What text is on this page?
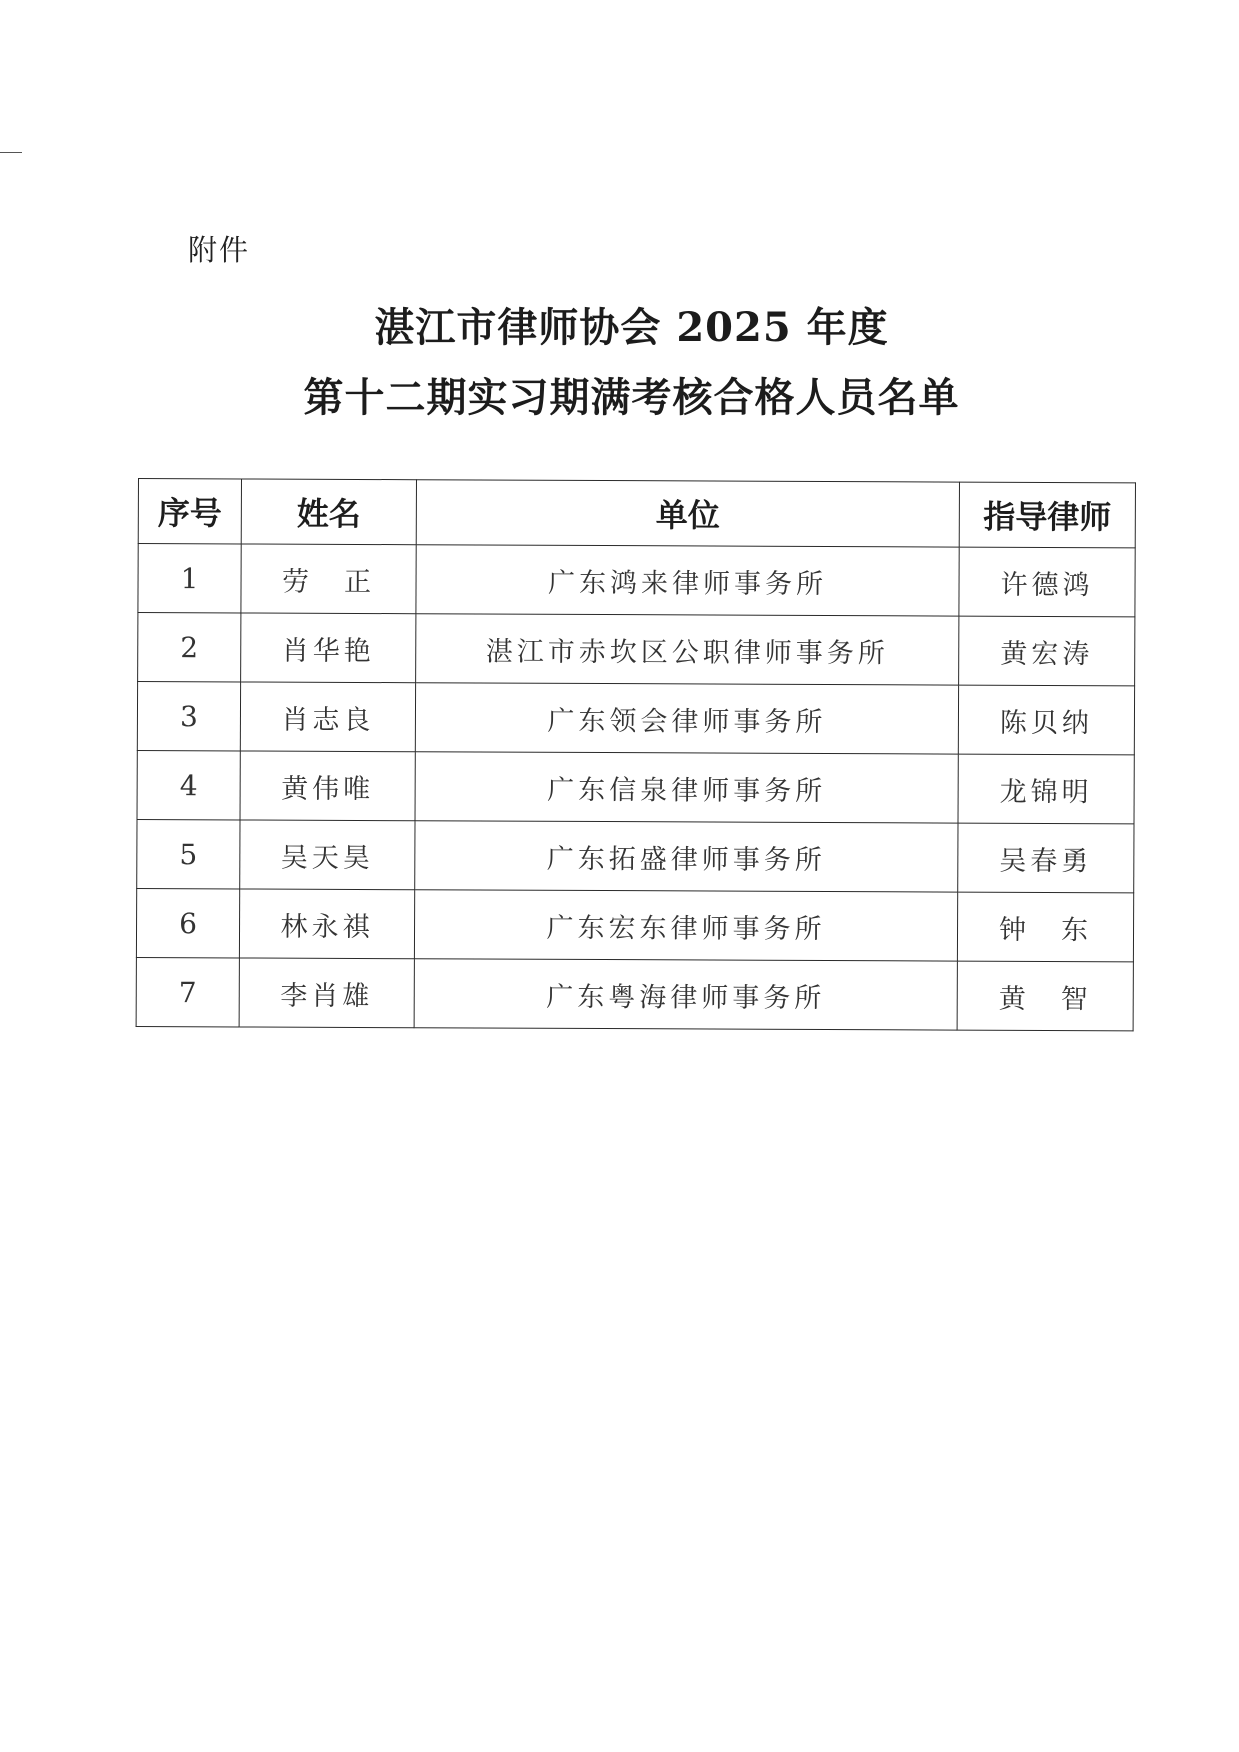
附件
湛江市律师协会 2025 年度
第十二期实习期满考核合格人员名单
序号	姓名	单位	指导律师
1	劳　正	广东鸿来律师事务所	许德鸿
2	肖华艳	湛江市赤坎区公职律师事务所	黄宏涛
3	肖志良	广东领会律师事务所	陈贝纳
4	黄伟唯	广东信泉律师事务所	龙锦明
5	吴天昊	广东拓盛律师事务所	吴春勇
6	林永祺	广东宏东律师事务所	钟　东
7	李肖雄	广东粤海律师事务所	黄　智
